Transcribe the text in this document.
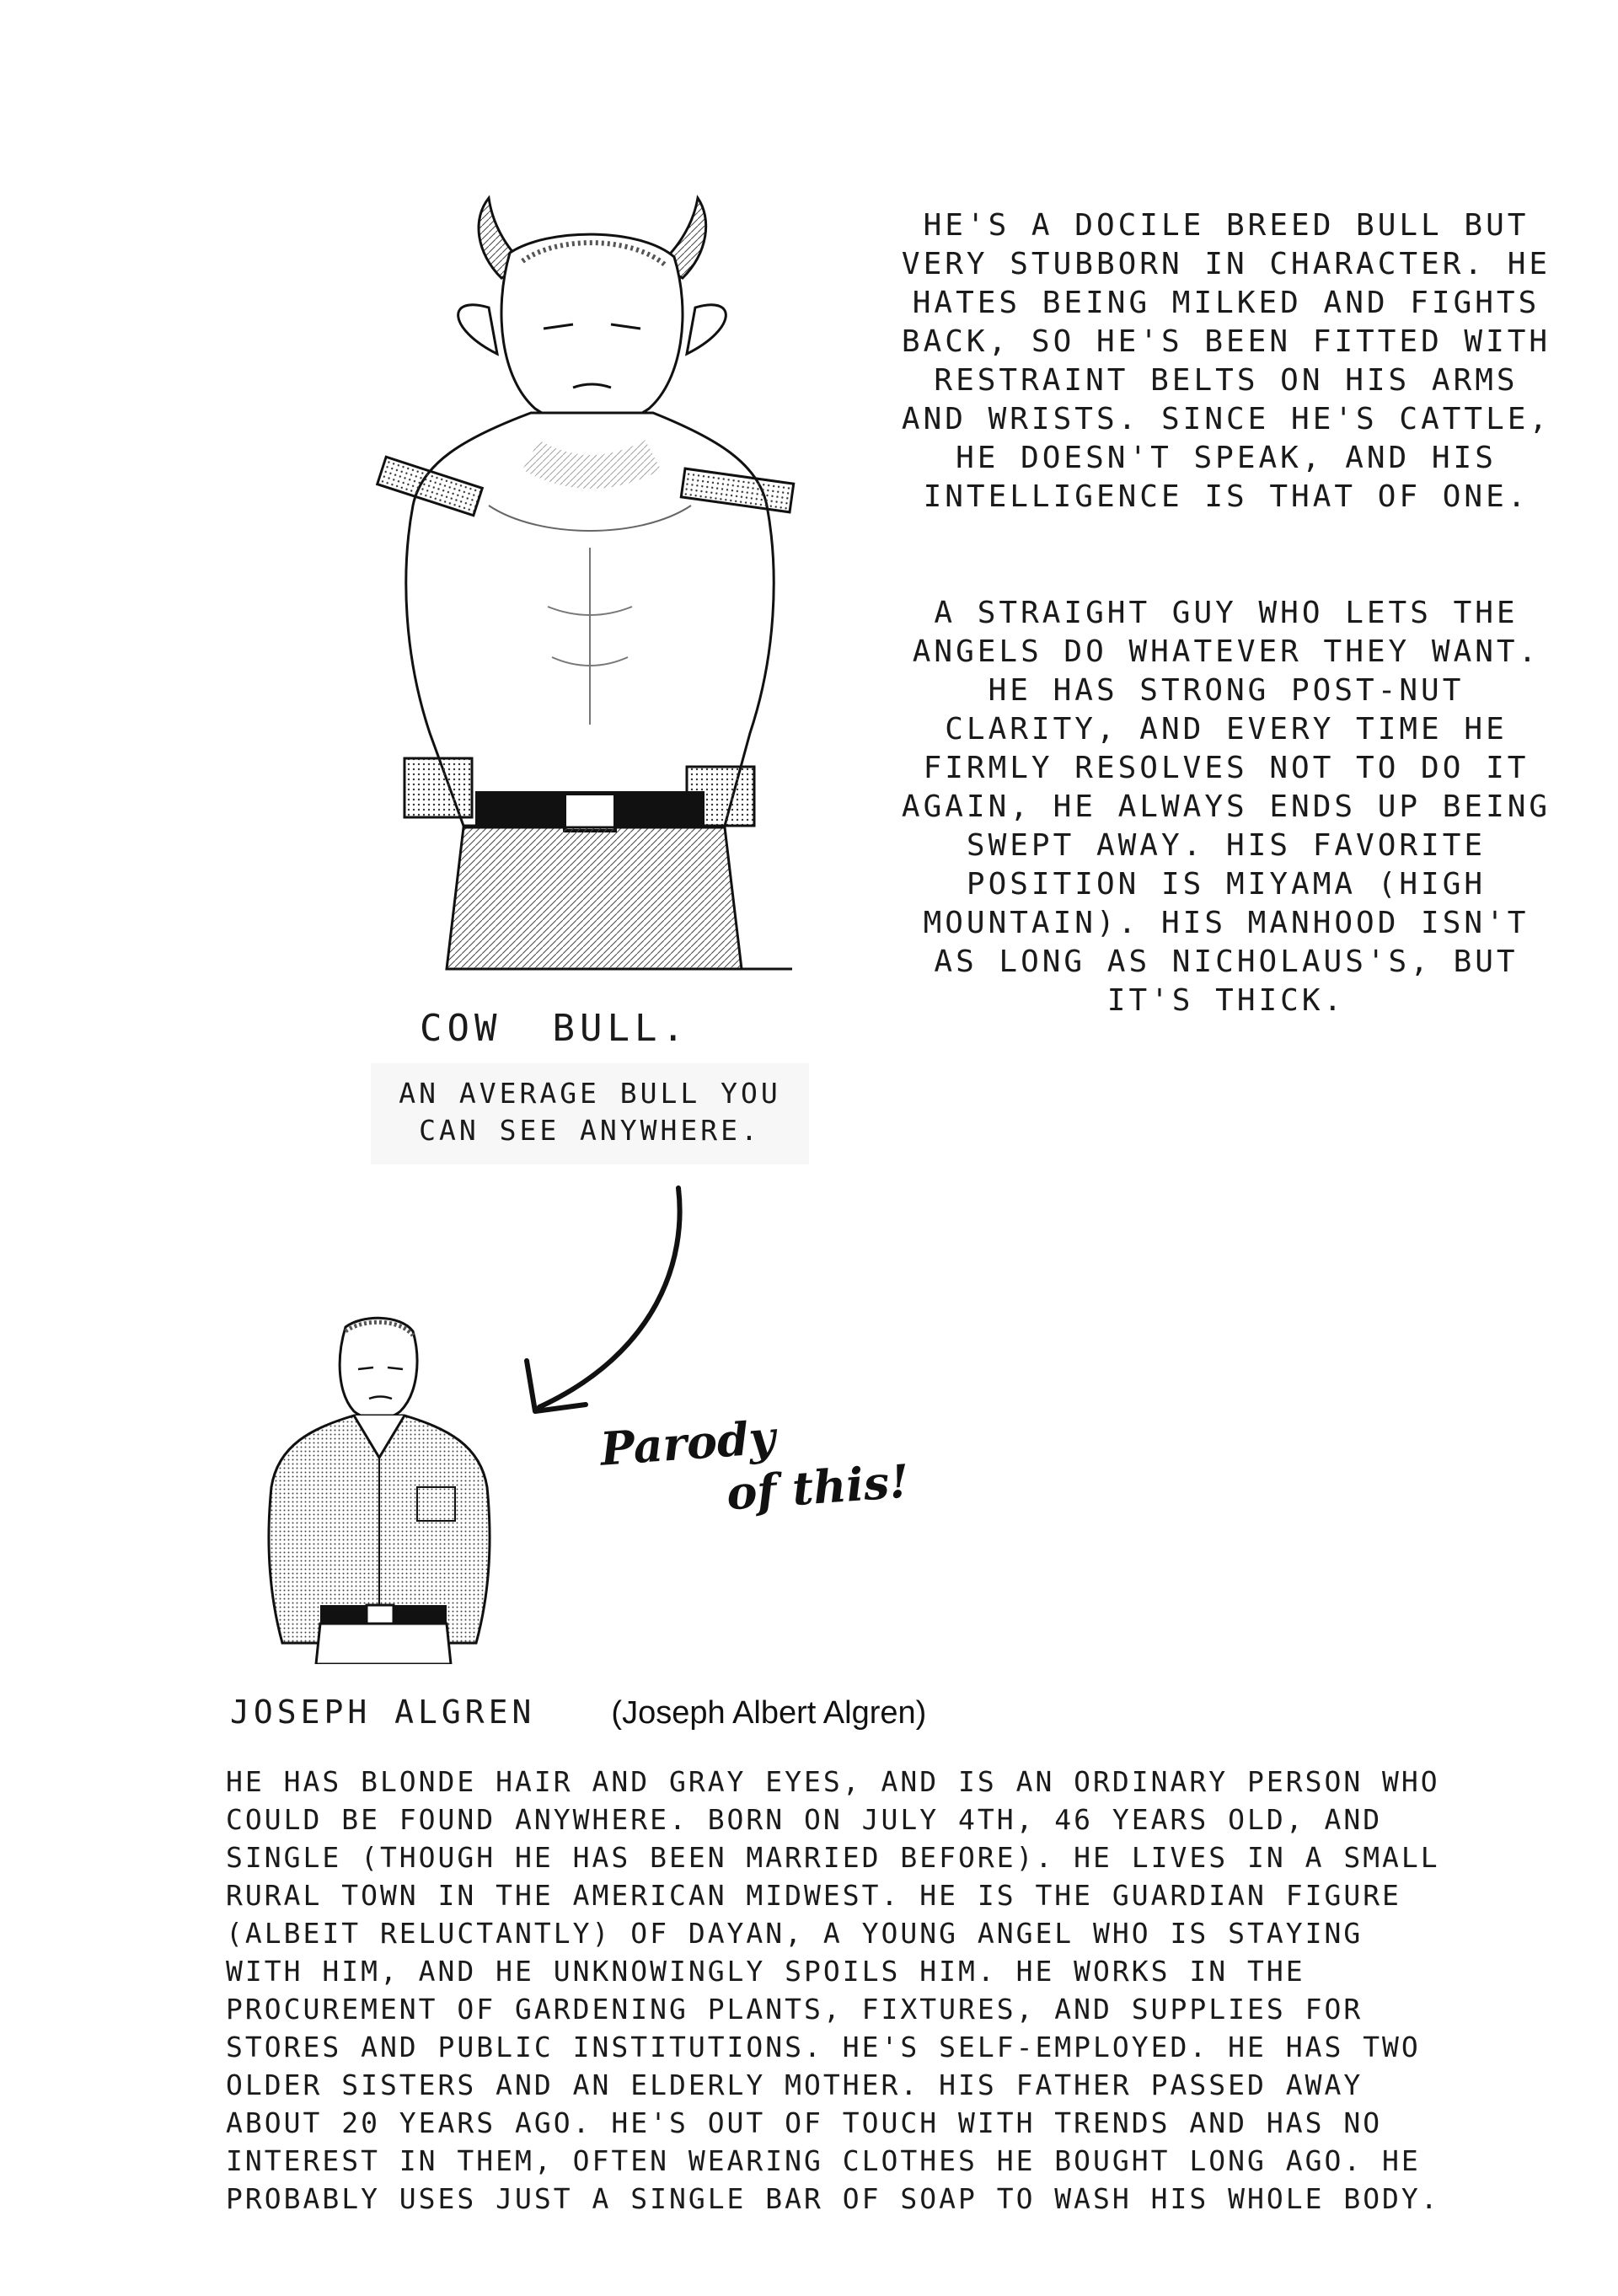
HE'S A DOCILE BREED BULL BUT VERY STUBBORN IN CHARACTER. HE HATES BEING MILKED AND FIGHTS BACK, SO HE'S BEEN FITTED WITH RESTRAINT BELTS ON HIS ARMS AND WRISTS. SINCE HE'S CATTLE, HE DOESN'T SPEAK, AND HIS INTELLIGENCE IS THAT OF ONE.

A STRAIGHT GUY WHO LETS THE ANGELS DO WHATEVER THEY WANT. HE HAS STRONG POST-NUT CLARITY, AND EVERY TIME HE FIRMLY RESOLVES NOT TO DO IT AGAIN, HE ALWAYS ENDS UP BEING SWEPT AWAY. HIS FAVORITE POSITION IS MIYAMA (HIGH MOUNTAIN). HIS MANHOOD ISN'T AS LONG AS NICHOLAUS'S, BUT IT'S THICK.

COW BULL.
AN AVERAGE BULL YOU CAN SEE ANYWHERE.
Parody
of this!
JOSEPH ALGREN (Joseph Albert Algren)
HE HAS BLONDE HAIR AND GRAY EYES, AND IS AN ORDINARY PERSON WHO COULD BE FOUND ANYWHERE. BORN ON JULY 4TH, 46 YEARS OLD, AND SINGLE (THOUGH HE HAS BEEN MARRIED BEFORE). HE LIVES IN A SMALL RURAL TOWN IN THE AMERICAN MIDWEST. HE IS THE GUARDIAN FIGURE (ALBEIT RELUCTANTLY) OF DAYAN, A YOUNG ANGEL WHO IS STAYING WITH HIM, AND HE UNKNOWINGLY SPOILS HIM. HE WORKS IN THE PROCUREMENT OF GARDENING PLANTS, FIXTURES, AND SUPPLIES FOR STORES AND PUBLIC INSTITUTIONS. HE'S SELF-EMPLOYED. HE HAS TWO OLDER SISTERS AND AN ELDERLY MOTHER. HIS FATHER PASSED AWAY ABOUT 20 YEARS AGO. HE'S OUT OF TOUCH WITH TRENDS AND HAS NO INTEREST IN THEM, OFTEN WEARING CLOTHES HE BOUGHT LONG AGO. HE PROBABLY USES JUST A SINGLE BAR OF SOAP TO WASH HIS WHOLE BODY.
